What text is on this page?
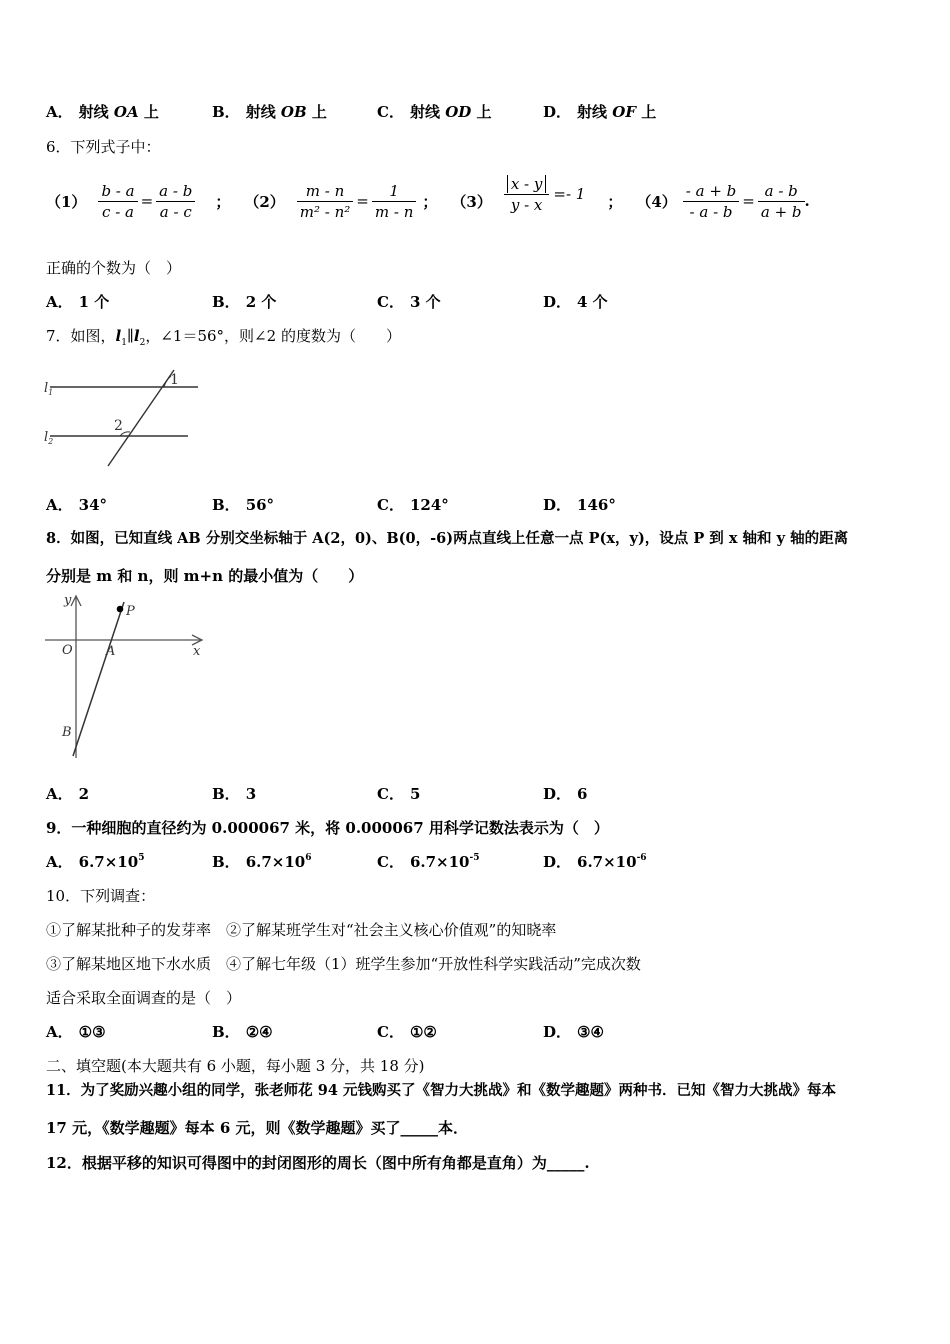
A． 射线 OA 上	B． 射线 OB 上	C． 射线 OD 上	D． 射线 OF 上
6．下列式子中：
$(1) \frac{b - a}{c - a} = \frac{a - b}{a - c}$ ； $(2) \frac{m - n}{\text{m² - n²}} = \frac{1}{m - n}$ ； $(3) \frac{x - y}{y - x} =- 1$ ； $(4) \frac{- a + b}{- a - b} = \frac{a - b}{a + b}$ .
正确的个数为（　）
A． 1 个	B． 2 个	C． 3 个	D． 4 个
7．如图，$l_1\parallel l_2$，∠1＝56°，则∠2 的度数为（　　）
$l_1$
$l_2$
1
2
A． 34°	B． 56°	C． 124°	D． 146°
8．如图，已知直线 AB 分别交坐标轴于 A(2，0)、B(0，-6)两点直线上任意一点 P(x，y)，设点 P 到 x 轴和 y 轴的距离
分别是 m 和 n，则 m+n 的最小值为（　　）
y
x
O	A
B
P
A． 2	B． 3	C． 5	D． 6
9．一种细胞的直径约为 0.000067 米，将 0.000067 用科学记数法表示为（　）
A． $6.7\times 10^5$	B． $6.7\times 10^6$	C． $6.7\times 10^{-5}$	D． $6.7\times 10^{-6}$
10．下列调查：
①了解某批种子的发芽率　②了解某班学生对“社会主义核心价值观”的知晓率
③了解某地区地下水水质　④了解七年级（1）班学生参加“开放性科学实践活动”完成次数
适合采取全面调查的是（　）
A． ①③	B． ②④	C． ①②	D． ③④
二、填空题(本大题共有 6 小题，每小题 3 分，共 18 分)
11．为了奖励兴趣小组的同学，张老师花 94 元钱购买了《智力大挑战》和《数学趣题》两种书．已知《智力大挑战》每本
17 元，《数学趣题》每本 6 元，则《数学趣题》买了_____本．
12．根据平移的知识可得图中的封闭图形的周长（图中所有角都是直角）为_____.
